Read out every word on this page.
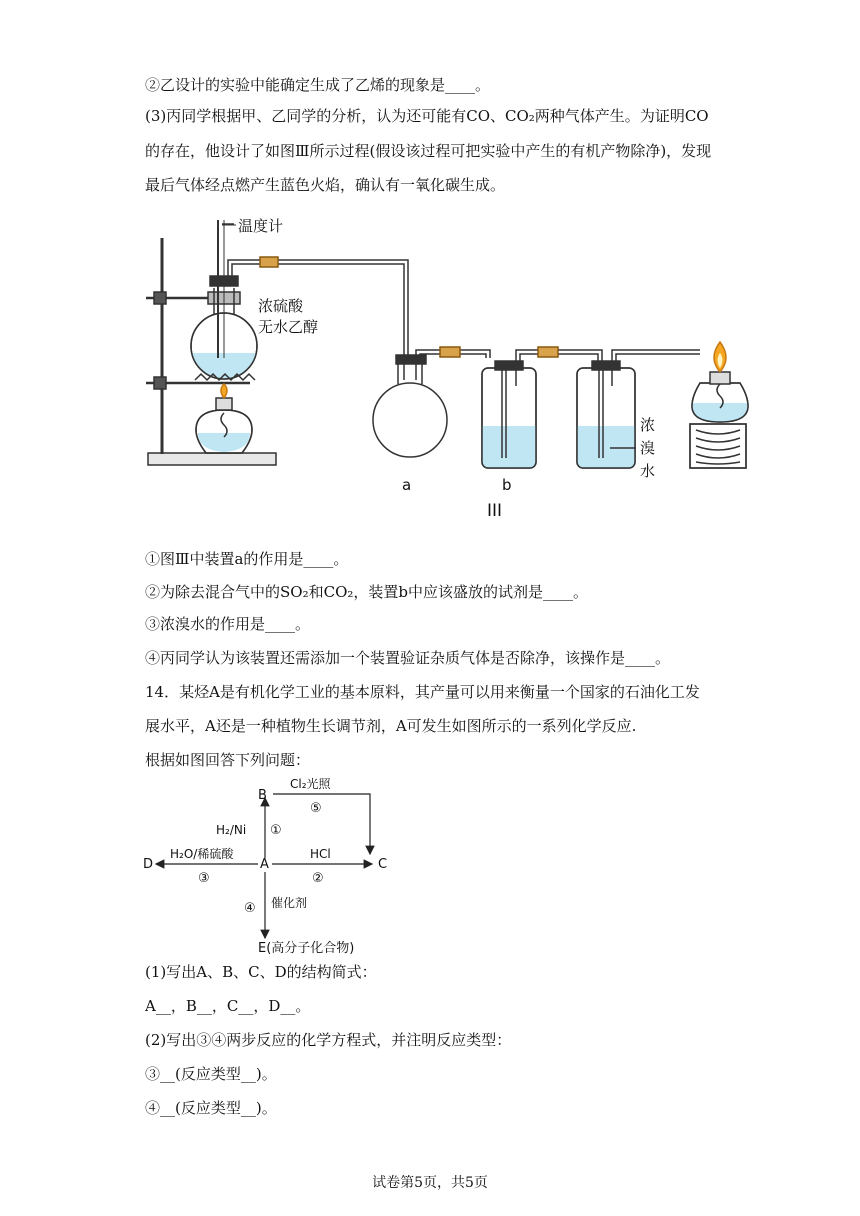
②乙设计的实验中能确定生成了乙烯的现象是____。
(3)丙同学根据甲、乙同学的分析，认为还可能有CO、CO₂两种气体产生。为证明CO
的存在，他设计了如图Ⅲ所示过程(假设该过程可把实验中产生的有机产物除净)，发现
最后气体经点燃产生蓝色火焰，确认有一氧化碳生成。
温度计
浓硫酸
无水乙醇
a	b
浓
溴
水
III
①图Ⅲ中装置a的作用是____。
②为除去混合气中的SO₂和CO₂，装置b中应该盛放的试剂是____。
③浓溴水的作用是____。
④丙同学认为该装置还需添加一个装置验证杂质气体是否除净，该操作是____。
14．某烃A是有机化学工业的基本原料，其产量可以用来衡量一个国家的石油化工发
展水平，A还是一种植物生长调节剂，A可发生如图所示的一系列化学反应.
根据如图回答下列问题：
B
A	C
D
E(高分子化合物)
H₂/Ni ①
HCl
②
H₂O/稀硫酸
③
催化剂
④
Cl₂光照
⑤
(1)写出A、B、C、D的结构简式：
A__，B__，C__，D__。
(2)写出③④两步反应的化学方程式，并注明反应类型：
③__(反应类型__)。
④__(反应类型__)。
试卷第5页，共5页
